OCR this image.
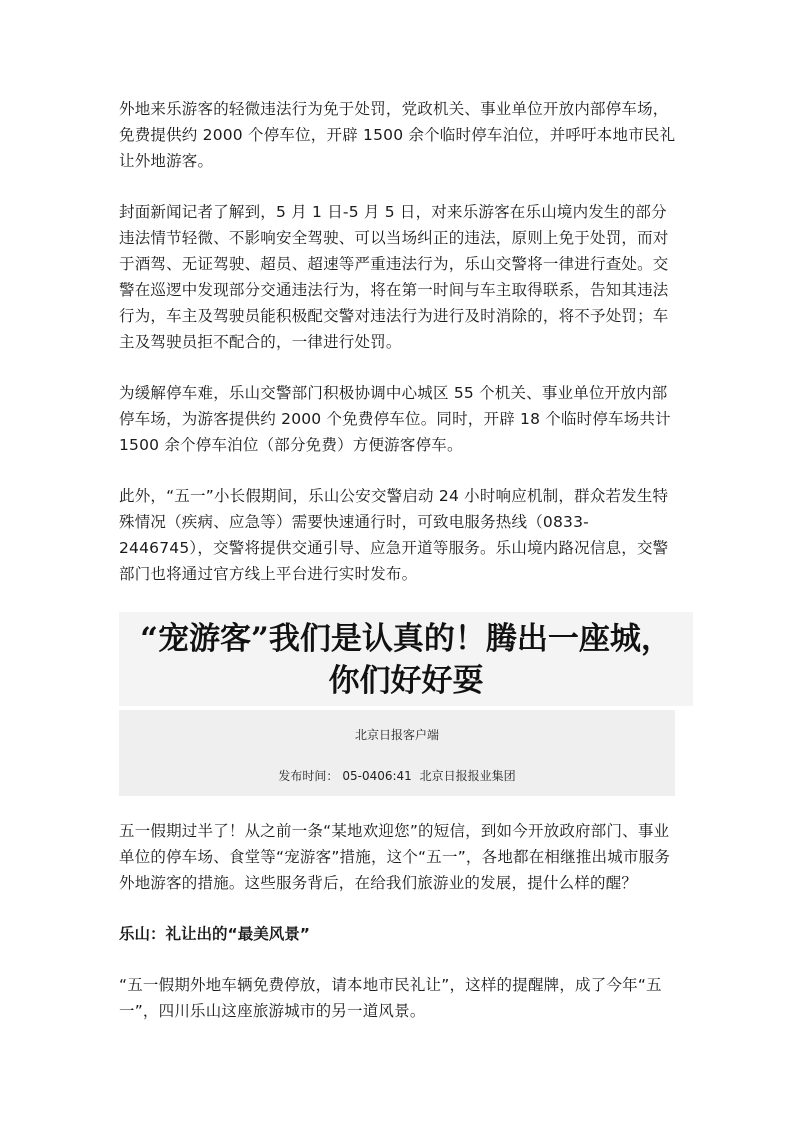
外地来乐游客的轻微违法行为免于处罚，党政机关、事业单位开放内部停车场，免费提供约 2000 个停车位，开辟 1500 余个临时停车泊位，并呼吁本地市民礼让外地游客。

封面新闻记者了解到，5 月 1 日-5 月 5 日，对来乐游客在乐山境内发生的部分违法情节轻微、不影响安全驾驶、可以当场纠正的违法，原则上免于处罚，而对于酒驾、无证驾驶、超员、超速等严重违法行为，乐山交警将一律进行查处。交警在巡逻中发现部分交通违法行为，将在第一时间与车主取得联系，告知其违法行为，车主及驾驶员能积极配交警对违法行为进行及时消除的，将不予处罚；车主及驾驶员拒不配合的，一律进行处罚。

为缓解停车难，乐山交警部门积极协调中心城区 55 个机关、事业单位开放内部停车场，为游客提供约 2000 个免费停车位。同时，开辟 18 个临时停车场共计 1500 余个停车泊位（部分免费）方便游客停车。

此外，“五一”小长假期间，乐山公安交警启动 24 小时响应机制，群众若发生特殊情况（疾病、应急等）需要快速通行时，可致电服务热线（0833-2446745），交警将提供交通引导、应急开道等服务。乐山境内路况信息，交警部门也将通过官方线上平台进行实时发布。

“宠游客”我们是认真的！腾出一座城，
你们好好耍
北京日报客户端
发布时间： 05-0406:41 北京日报报业集团

五一假期过半了！从之前一条“某地欢迎您”的短信，到如今开放政府部门、事业单位的停车场、食堂等“宠游客”措施，这个“五一”，各地都在相继推出城市服务外地游客的措施。这些服务背后，在给我们旅游业的发展，提什么样的醒？

乐山：礼让出的“最美风景”

“五一假期外地车辆免费停放，请本地市民礼让”，这样的提醒牌，成了今年“五一”，四川乐山这座旅游城市的另一道风景。
